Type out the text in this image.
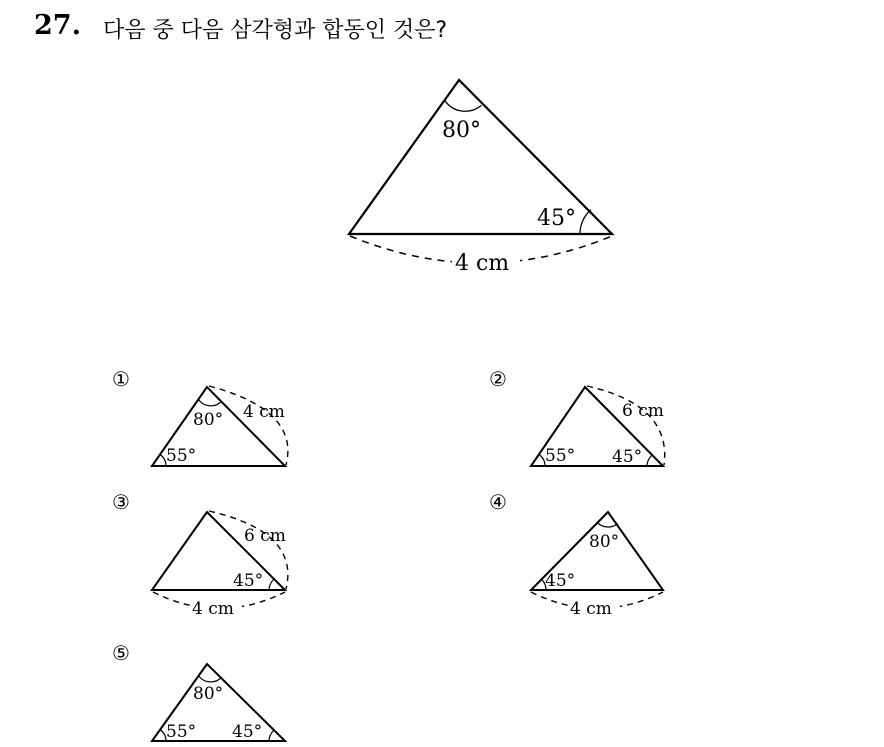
27. 다음 중 다음 삼각형과 합동인 것은?
80°
45°
4 cm
①
80° 4 cm
55°
②
6 cm
55° 45°
③
6 cm
45°
4 cm
④
80°
45°
4 cm
⑤
80°
55° 45°
